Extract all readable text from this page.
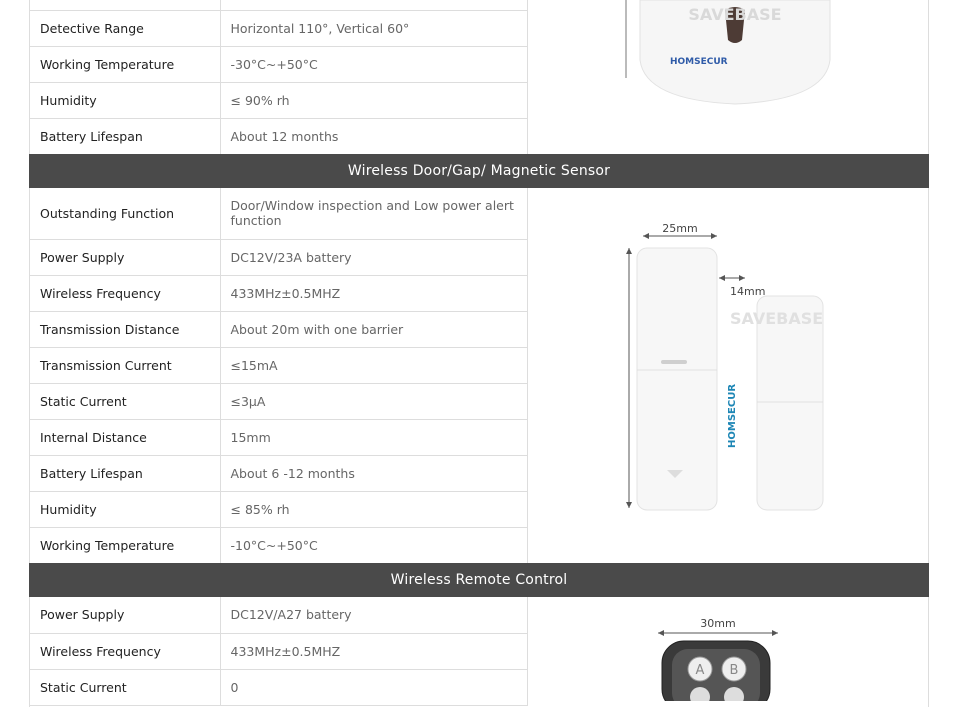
Detective Range	Horizontal 110°, Vertical 60°
Working Temperature	-30°C~+50°C
Humidity	≤ 90% rh
Battery Lifespan	About 12 months
SAVEBASE
HOMSECUR
Wireless Door/Gap/ Magnetic Sensor
Outstanding Function	Door/Window inspection and Low power alert function
Power Supply	DC12V/23A battery
Wireless Frequency	433MHz±0.5MHZ
Transmission Distance	About 20m with one barrier
Transmission Current	≤15mA
Static Current	≤3μA
Internal Distance	15mm
Battery Lifespan	About 6 -12 months
Humidity	≤ 85% rh
Working Temperature	-10°C~+50°C
25mm
14mm
HOMSECUR
SAVEBASE
Wireless Remote Control
Power Supply	DC12V/A27 battery
Wireless Frequency	433MHz±0.5MHZ
Static Current	0
30mm
A B
